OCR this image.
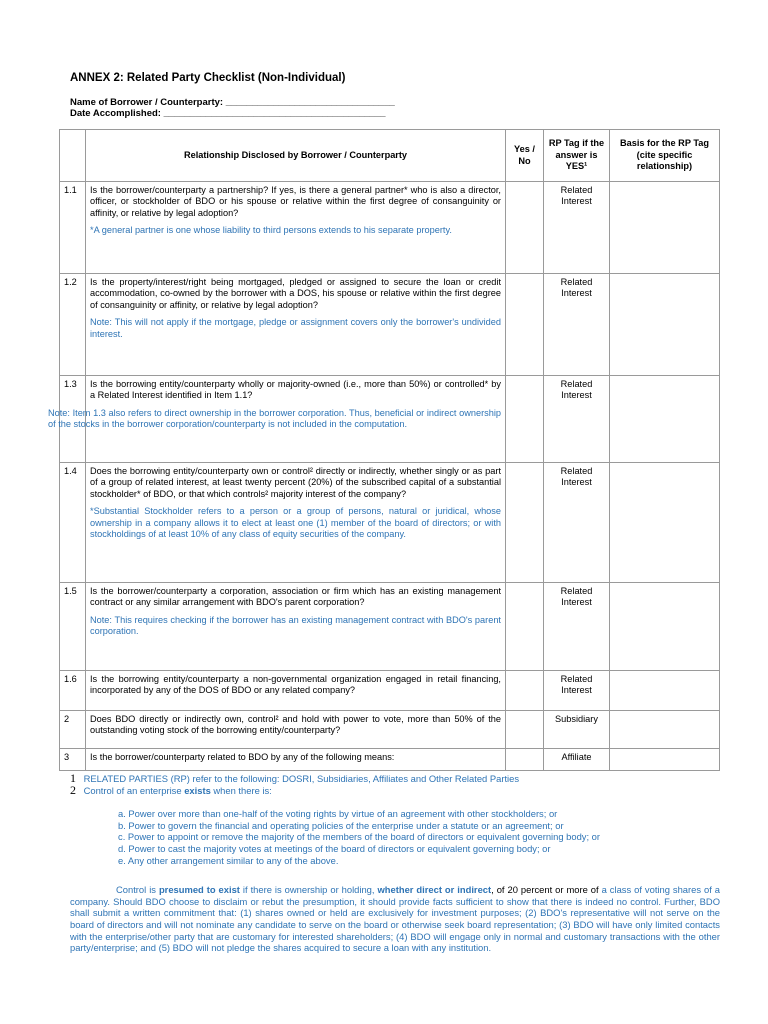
ANNEX 2: Related Party Checklist (Non-Individual)
Name of Borrower / Counterparty: ________________________________
Date Accomplished: __________________________________________
	Relationship Disclosed by Borrower / Counterparty	Yes / No	RP Tag if the answer is YES¹	Basis for the RP Tag (cite specific relationship)
1.1	Is the borrower/counterparty a partnership? If yes, is there a general partner* who is also a director, officer, or stockholder of BDO or his spouse or relative within the first degree of consanguinity or affinity, or relative by legal adoption?
*A general partner is one whose liability to third persons extends to his separate property.		Related Interest	
1.2	Is the property/interest/right being mortgaged, pledged or assigned to secure the loan or credit accommodation, co-owned by the borrower with a DOS, his spouse or relative within the first degree of consanguinity or affinity, or relative by legal adoption?
Note: This will not apply if the mortgage, pledge or assignment covers only the borrower's undivided interest.		Related Interest	
1.3	Is the borrowing entity/counterparty wholly or majority-owned (i.e., more than 50%) or controlled* by a Related Interest identified in Item 1.1?
Note: Item 1.3 also refers to direct ownership in the borrower corporation. Thus, beneficial or indirect ownership of the stocks in the borrower corporation/counterparty is not included in the computation.		Related Interest	
1.4	Does the borrowing entity/counterparty own or control² directly or indirectly, whether singly or as part of a group of related interest, at least twenty percent (20%) of the subscribed capital of a substantial stockholder* of BDO, or that which controls² majority interest of the company?
*Substantial Stockholder refers to a person or a group of persons, natural or juridical, whose ownership in a company allows it to elect at least one (1) member of the board of directors; or with stockholdings of at least 10% of any class of equity securities of the company.		Related Interest	
1.5	Is the borrower/counterparty a corporation, association or firm which has an existing management contract or any similar arrangement with BDO's parent corporation?
Note: This requires checking if the borrower has an existing management contract with BDO's parent corporation.		Related Interest	
1.6	Is the borrowing entity/counterparty a non-governmental organization engaged in retail financing, incorporated by any of the DOS of BDO or any related company?		Related Interest	
2	Does BDO directly or indirectly own, control² and hold with power to vote, more than 50% of the outstanding voting stock of the borrowing entity/counterparty?		Subsidiary	
3	Is the borrower/counterparty related to BDO by any of the following means:		Affiliate	
1 RELATED PARTIES (RP) refer to the following: DOSRI, Subsidiaries, Affiliates and Other Related Parties
2 Control of an enterprise exists when there is:
a. Power over more than one-half of the voting rights by virtue of an agreement with other stockholders; or
b. Power to govern the financial and operating policies of the enterprise under a statute or an agreement; or
c. Power to appoint or remove the majority of the members of the board of directors or equivalent governing body; or
d. Power to cast the majority votes at meetings of the board of directors or equivalent governing body; or
e. Any other arrangement similar to any of the above.
Control is presumed to exist if there is ownership or holding, whether direct or indirect, of 20 percent or more of a class of voting shares of a company. Should BDO choose to disclaim or rebut the presumption, it should provide facts sufficient to show that there is indeed no control. Further, BDO shall submit a written commitment that: (1) shares owned or held are exclusively for investment purposes; (2) BDO's representative will not serve on the board of directors and will not nominate any candidate to serve on the board or otherwise seek board representation; (3) BDO will have only limited contacts with the enterprise/other party that are customary for interested shareholders; (4) BDO will engage only in normal and customary transactions with the other party/enterprise; and (5) BDO will not pledge the shares acquired to secure a loan with any institution.
